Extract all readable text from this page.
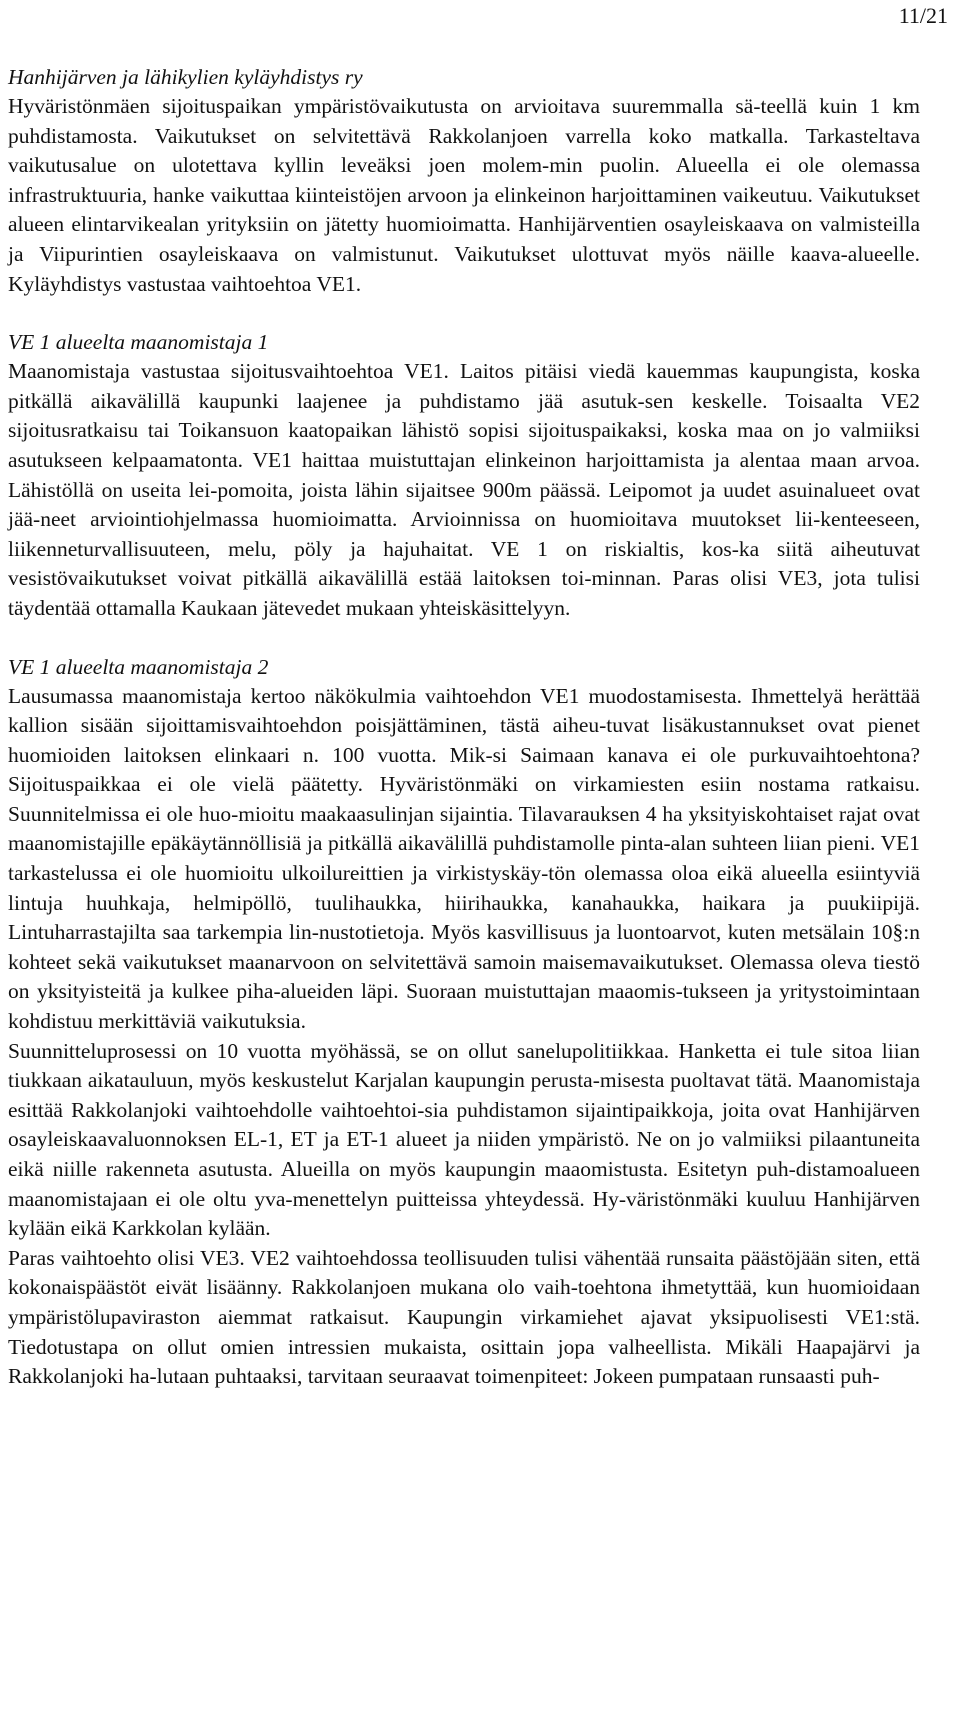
11/21
Hanhijärven ja lähikylien kyläyhdistys ry

Hyväristönmäen sijoituspaikan ympäristövaikutusta on arvioitava suuremmalla sä-teellä kuin 1 km puhdistamosta. Vaikutukset on selvitettävä Rakkolanjoen varrella koko matkalla. Tarkasteltava vaikutusalue on ulotettava kyllin leveäksi joen molem-min puolin. Alueella ei ole olemassa infrastruktuuria, hanke vaikuttaa kiinteistöjen arvoon ja elinkeinon harjoittaminen vaikeutuu. Vaikutukset alueen elintarvikealan yrityksiin on jätetty huomioimatta. Hanhijärventien osayleiskaava on valmisteilla ja Viipurintien osayleiskaava on valmistunut. Vaikutukset ulottuvat myös näille kaava-alueelle. Kyläyhdistys vastustaa vaihtoehtoa VE1.

VE 1 alueelta maanomistaja 1

Maanomistaja vastustaa sijoitusvaihtoehtoa VE1. Laitos pitäisi viedä kauemmas kaupungista, koska pitkällä aikavälillä kaupunki laajenee ja puhdistamo jää asutuk-sen keskelle. Toisaalta VE2 sijoitusratkaisu tai Toikansuon kaatopaikan lähistö sopisi sijoituspaikaksi, koska maa on jo valmiiksi asutukseen kelpaamatonta. VE1 haittaa muistuttajan elinkeinon harjoittamista ja alentaa maan arvoa. Lähistöllä on useita lei-pomoita, joista lähin sijaitsee 900m päässä. Leipomot ja uudet asuinalueet ovat jää-neet arviointiohjelmassa huomioimatta. Arvioinnissa on huomioitava muutokset lii-kenteeseen, liikenneturvallisuuteen, melu, pöly ja hajuhaitat. VE 1 on riskialtis, kos-ka siitä aiheutuvat vesistövaikutukset voivat pitkällä aikavälillä estää laitoksen toi-minnan. Paras olisi VE3, jota tulisi täydentää ottamalla Kaukaan jätevedet mukaan yhteiskäsittelyyn.

VE 1 alueelta maanomistaja 2

Lausumassa maanomistaja kertoo näkökulmia vaihtoehdon VE1 muodostamisesta. Ihmettelyä herättää kallion sisään sijoittamisvaihtoehdon poisjättäminen, tästä aiheu-tuvat lisäkustannukset ovat pienet huomioiden laitoksen elinkaari n. 100 vuotta. Mik-si Saimaan kanava ei ole purkuvaihtoehtona? Sijoituspaikkaa ei ole vielä päätetty. Hyväristönmäki on virkamiesten esiin nostama ratkaisu. Suunnitelmissa ei ole huo-mioitu maakaasulinjan sijaintia. Tilavarauksen 4 ha yksityiskohtaiset rajat ovat maanomistajille epäkäytännöllisiä ja pitkällä aikavälillä puhdistamolle pinta-alan suhteen liian pieni. VE1 tarkastelussa ei ole huomioitu ulkoilureittien ja virkistyskäy-tön olemassa oloa eikä alueella esiintyviä lintuja huuhkaja, helmipöllö, tuulihaukka, hiirihaukka, kanahaukka, haikara ja puukiipijä. Lintuharrastajilta saa tarkempia lin-nustotietoja. Myös kasvillisuus ja luontoarvot, kuten metsälain 10§:n kohteet sekä vaikutukset maanarvoon on selvitettävä samoin maisemavaikutukset. Olemassa oleva tiestö on yksityisteitä ja kulkee piha-alueiden läpi. Suoraan muistuttajan maaomis-tukseen ja yritystoimintaan kohdistuu merkittäviä vaikutuksia.

Suunnitteluprosessi on 10 vuotta myöhässä, se on ollut sanelupolitiikkaa. Hanketta ei tule sitoa liian tiukkaan aikatauluun, myös keskustelut Karjalan kaupungin perusta-misesta puoltavat tätä. Maanomistaja esittää Rakkolanjoki vaihtoehdolle vaihtoehtoi-sia puhdistamon sijaintipaikkoja, joita ovat Hanhijärven osayleiskaavaluonnoksen EL-1, ET ja ET-1 alueet ja niiden ympäristö. Ne on jo valmiiksi pilaantuneita eikä niille rakenneta asutusta. Alueilla on myös kaupungin maaomistusta. Esitetyn puh-distamoalueen maanomistajaan ei ole oltu yva-menettelyn puitteissa yhteydessä. Hy-väristönmäki kuuluu Hanhijärven kylään eikä Karkkolan kylään.

Paras vaihtoehto olisi VE3. VE2 vaihtoehdossa teollisuuden tulisi vähentää runsaita päästöjään siten, että kokonaispäästöt eivät lisäänny. Rakkolanjoen mukana olo vaih-toehtona ihmetyttää, kun huomioidaan ympäristölupaviraston aiemmat ratkaisut. Kaupungin virkamiehet ajavat yksipuolisesti VE1:stä. Tiedotustapa on ollut omien intressien mukaista, osittain jopa valheellista. Mikäli Haapajärvi ja Rakkolanjoki ha-lutaan puhtaaksi, tarvitaan seuraavat toimenpiteet: Jokeen pumpataan runsaasti puh-
